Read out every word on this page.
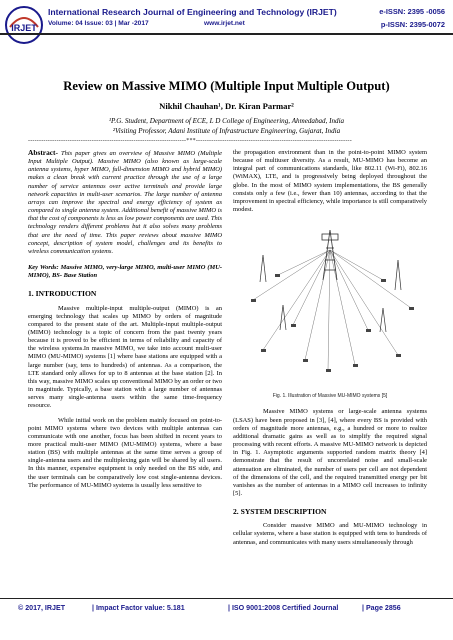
IRJET
International Research Journal of Engineering and Technology (IRJET)
Volume: 04 Issue: 03 | Mar -2017	www.irjet.net
e-ISSN: 2395 -0056
p-ISSN: 2395-0072
Review on Massive MIMO (Multiple Input Multiple Output)
Nikhil Chauhan¹, Dr. Kiran Parmar²
¹P.G. Student, Department of ECE, L D College of Engineering, Ahmedabad, India
²Visiting Professor, Adani Institute of Infrastructure Engineering, Gujarat, India
------------------------------------------------------------------------***-----------------------------------------------------------------------
Abstract- This paper gives an overview of Massive MIMO (Multiple Input Multiple Output). Massive MIMO (also known as large-scale antenna systems, hyper MIMO, full-dimension MIMO and hybrid MIMO) makes a clean break with current practice through the use of a large number of service antennas over active terminals and provide large network capacities in multi-user scenarios. The large number of antenna arrays can improve the spectral and energy efficiency of system as compared to single antenna system. Additional benefit of massive MIMO is that the cost of components is less as low power components are used. This technology renders different problems but it also solves many problems that are the need of time. This paper reviews about massive MIMO concept, description of system model, challenges and its benefits to wireless communication systems.
Key Words: Massive MIMO, very-large MIMO, multi-user MIMO (MU-MIMO), BS- Base Station
1. INTRODUCTION

Massive multiple-input multiple-output (MIMO) is an emerging technology that scales up MIMO by orders of magnitude compared to the present state of the art. Multiple-input multiple-output (MIMO) technology is a topic of concern from the past twenty years because it is proved to be efficient in terms of reliability and capacity of the wireless systems.In massive MIMO, we take into account multi-user MIMO (MU-MIMO) systems [1] where base stations are equipped with a large number (say, tens to hundreds) of antennas. As a comparison, the LTE standard only allows for up to 8 antennas at the base station [2]. In this way, massive MIMO scales up conventional MIMO by an order or two in magnitude. Typically, a base station with a large number of antennas serves many single-antenna users within the same time-frequency resource.

While initial work on the problem mainly focused on point-to-point MIMO systems where two devices with multiple antennas can communicate with one another, focus has been shifted in recent years to more practical multi-user MIMO (MU-MIMO) systems, where a base station (BS) with multiple antennas at the same time serves a group of single-antenna users and the multiplexing gain will be shared by all users. In this manner, expensive equipment is only needed on the BS side, and the user terminals can be comparatively low cost single-antenna devices. The performance of MU-MIMO systems is usually less sensitive to

the propagation environment than in the point-to-point MIMO system because of multiuser diversity. As a result, MU-MIMO has become an integral part of communications standards, like 802.11 (Wi-Fi), 802.16 (WiMAX), LTE, and is progressively being deployed throughout the globe. In the most of MIMO system implementations, the BS generally consists only a few (i.e., fewer than 10) antennas, according to that the improvement in spectral efficiency, while importance is still comparatively modest.

Fig. 1. Illustration of Massive MU-MIMO systems [5]

Massive MIMO systems or large-scale antenna systems (LSAS) have been proposed in [3], [4], where every BS is provided with orders of magnitude more antennas, e.g., a hundred or more to realize additional dramatic gains as well as to simplify the required signal processing with recent efforts. A massive MU-MIMO network is depicted in Fig. 1. Asymptotic arguments supported random matrix theory [4] demonstrate that the result of uncorrelated noise and small-scale attenuation are eliminated, the number of users per cell are not dependent of the dimensions of the cell, and the required transmitted energy per bit vanishes as the number of antennas in a MIMO cell increases to infinity [5].

2. SYSTEM DESCRIPTION

Consider massive MIMO and MU-MIMO technology in cellular systems, where a base station is equipped with tens to hundreds of antennas, and communicates with many users simultaneously through

© 2017, IRJET	| Impact Factor value: 5.181	| ISO 9001:2008 Certified Journal	| Page 2856
